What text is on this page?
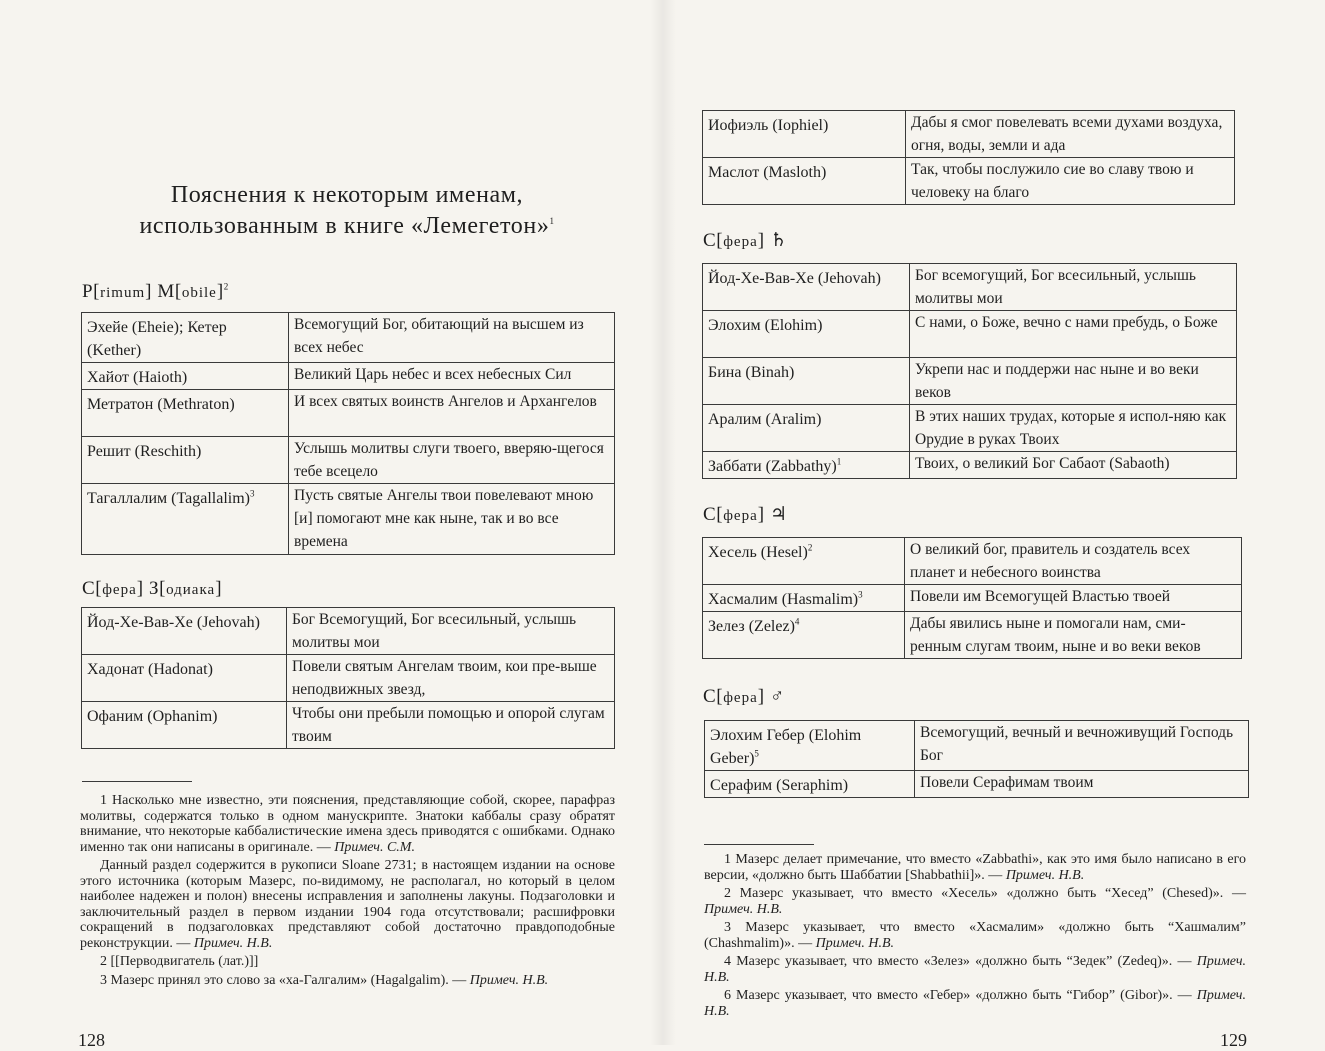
Пояснения к некоторым именам,
использованным в книге «Лемегетон»$^1$
P[rimum] M[obile]$^2$
Эхейе (Eheie); Кетер (Kether)	Всемогущий Бог, обитающий на высшем из всех небес
Хайот (Haioth)	Великий Царь небес и всех небесных Сил
Метратон (Methraton)	И всех святых воинств Ангелов и Архангелов
Решит (Reschith)	Услышь молитвы слуги твоего, вверяю-щегося тебе всецело
Тагаллалим (Tagallalim)$^3$	Пусть святые Ангелы твои повелевают мною [и] помогают мне как ныне, так и во все времена
С[фера] З[одиака]
Йод-Хе-Вав-Хе (Jehovah)	Бог Всемогущий, Бог всесильный, услышь молитвы мои
Хадонат (Hadonat)	Повели святым Ангелам твоим, кои пре-выше неподвижных звезд,
Офаним (Ophanim)	Чтобы они пребыли помощью и опорой слугам твоим

1 Насколько мне известно, эти пояснения, представляющие собой, скорее, парафраз молитвы, содержатся только в одном манускрипте. Знатоки каббалы сразу обратят внимание, что некоторые каббалистические имена здесь приводятся с ошибками. Однако именно так они написаны в оригинале. — Примеч. С.М.

Данный раздел содержится в рукописи Sloane 2731; в настоящем издании на основе этого источника (которым Мазерс, по-видимому, не располагал, но который в целом наиболее надежен и полон) внесены исправления и заполнены лакуны. Подзаголовки и заключительный раздел в первом издании 1904 года отсутствовали; расшифровки сокращений в подзаголовках представляют собой достаточно правдоподобные реконструкции. — Примеч. Н.В.

2 [[Перводвигатель (лат.)]]

3 Мазерс принял это слово за «ха-Галгалим» (Hagalgalim). — Примеч. Н.В.

128
Иофиэль (Iophiel)	Дабы я смог повелевать всеми духами воздуха, огня, воды, земли и ада
Маслот (Masloth)	Так, чтобы послужило сие во славу твою и человеку на благо
С[фера] ♄
Йод-Хе-Вав-Хе (Jehovah)	Бог всемогущий, Бог всесильный, услышь молитвы мои
Элохим (Elohim)	С нами, о Боже, вечно с нами пребудь, о Боже
Бина (Binah)	Укрепи нас и поддержи нас ныне и во веки веков
Аралим (Aralim)	В этих наших трудах, которые я испол-няю как Орудие в руках Твоих
Заббати (Zabbathy)$^1$	Твоих, о великий Бог Сабаот (Sabaoth)
С[фера] ♃
Хесель (Hesel)$^2$	О великий бог, правитель и создатель всех планет и небесного воинства
Хасмалим (Hasmalim)$^3$	Повели им Всемогущей Властью твоей
Зелез (Zelez)$^4$	Дабы явились ныне и помогали нам, сми-ренным слугам твоим, ныне и во веки веков
С[фера] ♂
Элохим Гебер (Elohim Geber)$^5$	Всемогущий, вечный и вечноживущий Господь Бог
Серафим (Seraphim)	Повели Серафимам твоим

1 Мазерс делает примечание, что вместо «Zabbathi», как это имя было написано в его версии, «должно быть Шаббатии [Shabbathii]». — Примеч. Н.В.

2 Мазерс указывает, что вместо «Хесель» «должно быть “Хесед” (Chesed)». — Примеч. Н.В.

3 Мазерс указывает, что вместо «Хасмалим» «должно быть “Хашмалим” (Chashmalim)». — Примеч. Н.В.

4 Мазерс указывает, что вместо «Зелез» «должно быть “Зедек” (Zedeq)». — Примеч. Н.В.

6 Мазерс указывает, что вместо «Гебер» «должно быть “Гибор” (Gibor)». — Примеч. Н.В.

129
